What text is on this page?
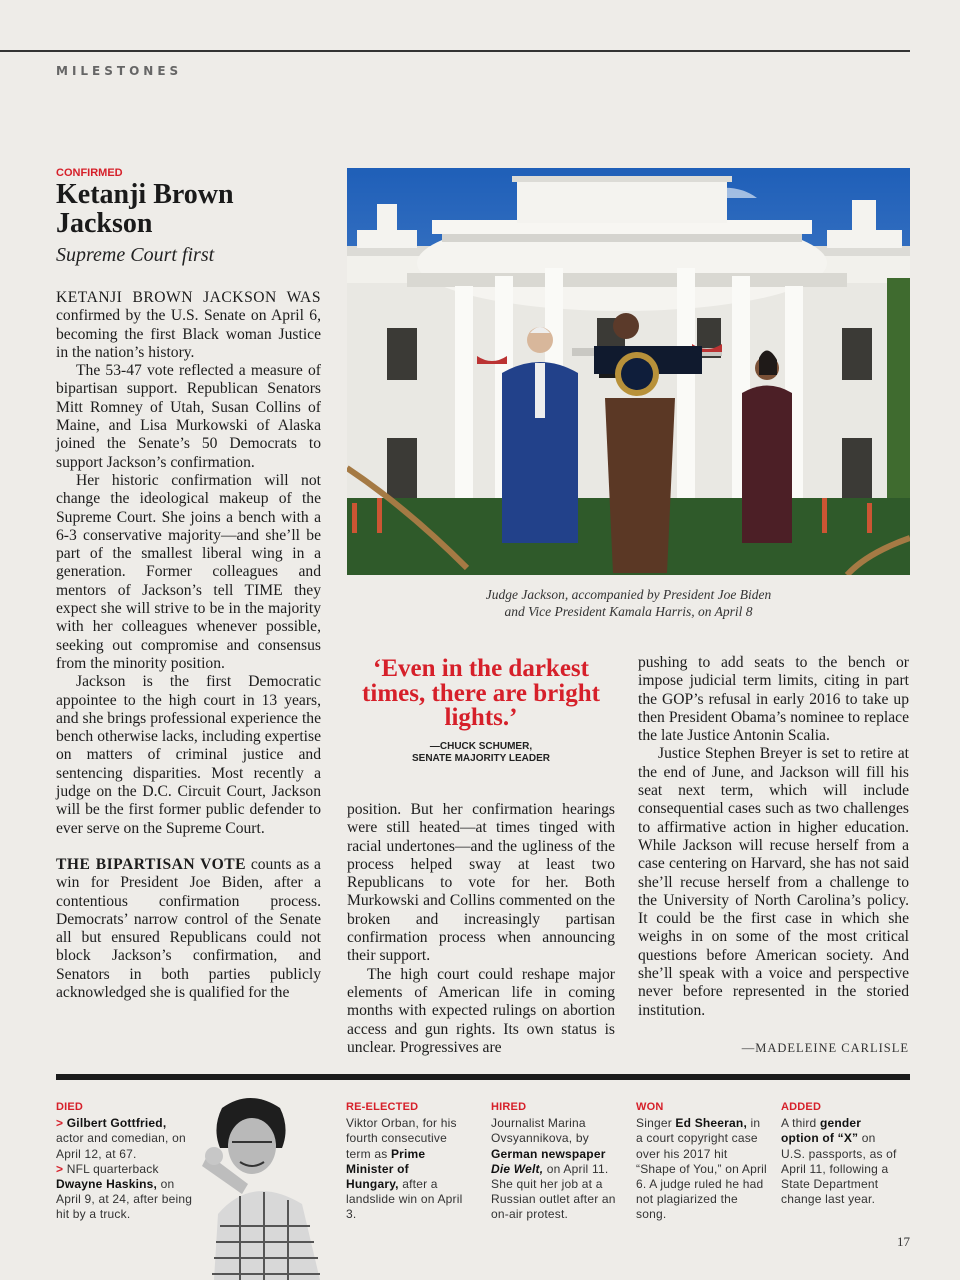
MILESTONES
CONFIRMED
Ketanji Brown Jackson
Supreme Court first

KETANJI BROWN JACKSON WAS confirmed by the U.S. Senate on April 6, becoming the first Black woman Justice in the nation’s history.

The 53-47 vote reflected a measure of bipartisan support. Republican Senators Mitt Romney of Utah, Susan Collins of Maine, and Lisa Murkowski of Alaska joined the Senate’s 50 Democrats to support Jackson’s confirmation.

Her historic confirmation will not change the ideological makeup of the Supreme Court. She joins a bench with a 6-3 conservative majority—and she’ll be part of the smallest liberal wing in a generation. Former colleagues and mentors of Jackson’s tell TIME they expect she will strive to be in the majority with her colleagues whenever possible, seeking out compromise and consensus from the minority position.

Jackson is the first Democratic appointee to the high court in 13 years, and she brings professional experience the bench otherwise lacks, including expertise on matters of criminal justice and sentencing disparities. Most recently a judge on the D.C. Circuit Court, Jackson will be the first former public defender to ever serve on the Supreme Court.

THE BIPARTISAN VOTE counts as a win for President Joe Biden, after a contentious confirmation process. Democrats’ narrow control of the Senate all but ensured Republicans could not block Jackson’s confirmation, and Senators in both parties publicly acknowledged she is qualified for the

Judge Jackson, accompanied by President Joe Biden
and Vice President Kamala Harris, on April 8
‘Even in the darkest times, there are bright lights.’
—CHUCK SCHUMER,
SENATE MAJORITY LEADER

position. But her confirmation hearings were still heated—at times tinged with racial undertones—and the ugliness of the process helped sway at least two Republicans to vote for her. Both Murkowski and Collins commented on the broken and increasingly partisan confirmation process when announcing their support.

The high court could reshape major elements of American life in coming months with expected rulings on abortion access and gun rights. Its own status is unclear. Progressives are

pushing to add seats to the bench or impose judicial term limits, citing in part the GOP’s refusal in early 2016 to take up then President Obama’s nominee to replace the late Justice Antonin Scalia.

Justice Stephen Breyer is set to retire at the end of June, and Jackson will fill his seat next term, which will include consequential cases such as two challenges to affirmative action in higher education. While Jackson will recuse herself from a case centering on Harvard, she has not said she’ll recuse herself from a challenge to the University of North Carolina’s policy. It could be the first case in which she weighs in on some of the most critical questions before American society. And she’ll speak with a voice and perspective never before represented in the storied institution.

—MADELEINE CARLISLE
DIED
> Gilbert Gottfried,
actor and comedian, on April 12, at 67.
> NFL quarterback
Dwayne Haskins, on April 9, at 24, after being hit by a truck.
RE-ELECTED
Viktor Orban, for his fourth consecutive term as Prime Minister of Hungary, after a landslide win on April 3.
HIRED
Journalist Marina Ovsyannikova, by German newspaper Die Welt, on April 11. She quit her job at a Russian outlet after an on-air protest.
WON
Singer Ed Sheeran, in a court copyright case over his 2017 hit “Shape of You,” on April 6. A judge ruled he had not plagiarized the song.
ADDED
A third gender option of “X” on U.S. passports, as of April 11, following a State Department change last year.
17
